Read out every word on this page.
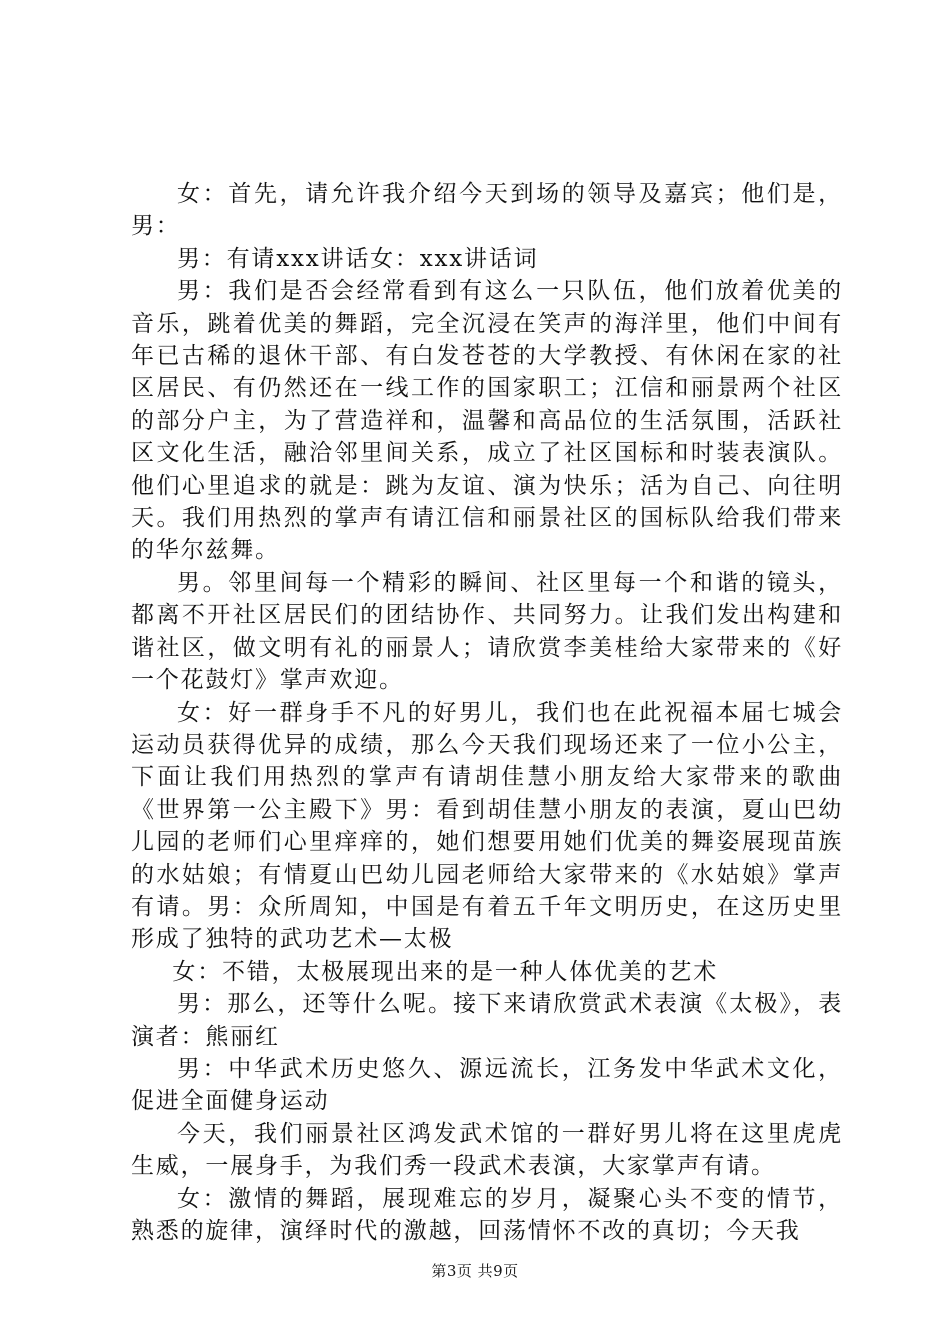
女：首先，请允许我介绍今天到场的领导及嘉宾；他们是，男：

男：有请xxx讲话女：xxx讲话词

男：我们是否会经常看到有这么一只队伍，他们放着优美的音乐，跳着优美的舞蹈，完全沉浸在笑声的海洋里，他们中间有年已古稀的退休干部、有白发苍苍的大学教授、有休闲在家的社区居民、有仍然还在一线工作的国家职工；江信和丽景两个社区的部分户主，为了营造祥和，温馨和高品位的生活氛围，活跃社区文化生活，融洽邻里间关系，成立了社区国标和时装表演队。他们心里追求的就是：跳为友谊、演为快乐；活为自己、向往明天。我们用热烈的掌声有请江信和丽景社区的国标队给我们带来的华尔兹舞。

男。邻里间每一个精彩的瞬间、社区里每一个和谐的镜头，都离不开社区居民们的团结协作、共同努力。让我们发出构建和谐社区，做文明有礼的丽景人；请欣赏李美桂给大家带来的《好一个花鼓灯》掌声欢迎。

女：好一群身手不凡的好男儿，我们也在此祝福本届七城会运动员获得优异的成绩，那么今天我们现场还来了一位小公主，下面让我们用热烈的掌声有请胡佳慧小朋友给大家带来的歌曲《世界第一公主殿下》男：看到胡佳慧小朋友的表演，夏山巴幼儿园的老师们心里痒痒的，她们想要用她们优美的舞姿展现苗族的水姑娘；有情夏山巴幼儿园老师给大家带来的《水姑娘》掌声有请。男：众所周知，中国是有着五千年文明历史，在这历史里形成了独特的武功艺术—太极

女：不错，太极展现出来的是一种人体优美的艺术

男：那么，还等什么呢。接下来请欣赏武术表演《太极》，表演者：熊丽红

男：中华武术历史悠久、源远流长，江务发中华武术文化，促进全面健身运动

今天，我们丽景社区鸿发武术馆的一群好男儿将在这里虎虎生威，一展身手，为我们秀一段武术表演，大家掌声有请。

女：激情的舞蹈，展现难忘的岁月，凝聚心头不变的情节，熟悉的旋律，演绎时代的激越，回荡情怀不改的真切；今天我

第3页 共9页
